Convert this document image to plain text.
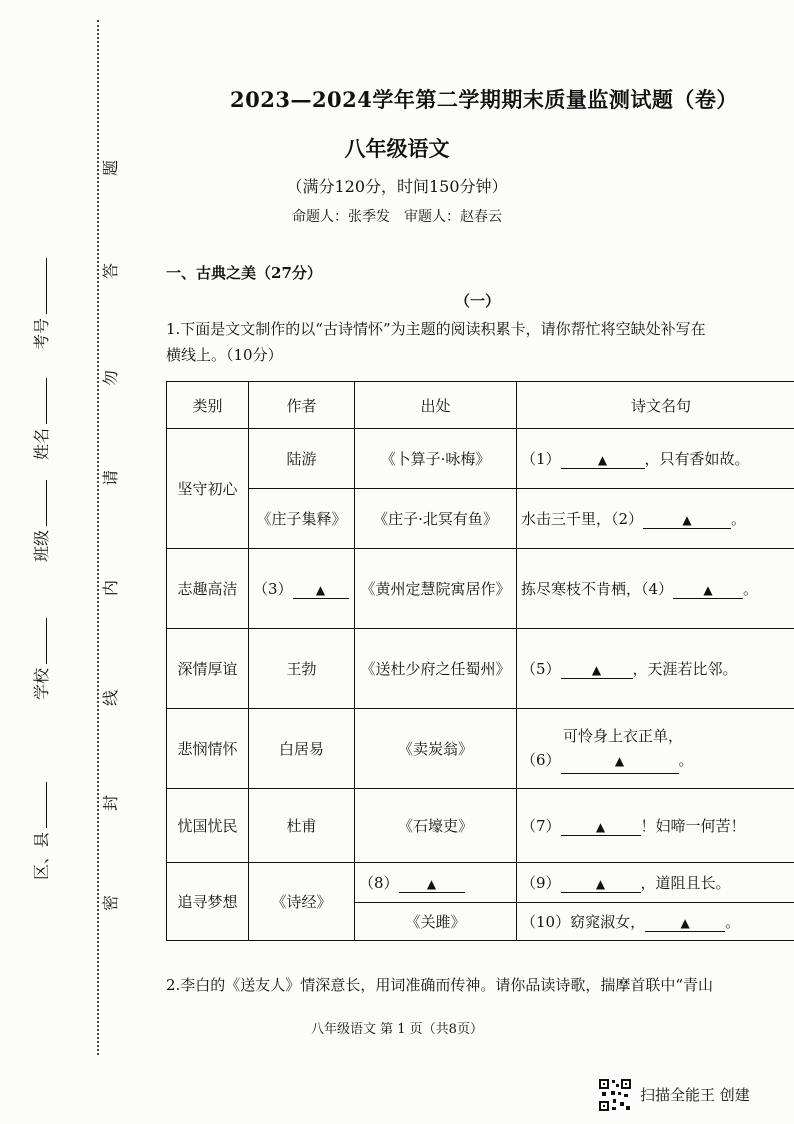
考号
姓名
班级
学校
区、县
题
答
勿
请
内
线
封
密
2023—2024学年第二学期期末质量监测试题（卷）
八年级语文
（满分120分，时间150分钟）
命题人：张季发　审题人：赵春云
一、古典之美（27分）
（一）
1.下面是文文制作的以“古诗情怀”为主题的阅读积累卡，请你帮忙将空缺处补写在
横线上。（10分）
类别	作者	出处	诗文名句
坚守初心	陆游	《卜算子·咏梅》	（1） ▲ ，只有香如故。
	《庄子集释》	《庄子·北冥有鱼》	水击三千里，（2） ▲ 。
志趣高洁	（3） ▲	《黄州定慧院寓居作》	拣尽寒枝不肯栖，（4） ▲ 。
深情厚谊	王勃	《送杜少府之任蜀州》	（5） ▲ ，天涯若比邻。
悲悯情怀	白居易	《卖炭翁》	可怜身上衣正单，
（6） ▲ 。

忧国忧民	杜甫	《石壕吏》	（7） ▲ ！妇啼一何苦！
追寻梦想	《诗经》	（8） ▲	（9） ▲ ，道阻且长。
		《关雎》	（10）窈窕淑女， ▲ 。
2.李白的《送友人》情深意长，用词准确而传神。请你品读诗歌，揣摩首联中“青山
八年级语文 第 1 页（共8页）
扫描全能王 创建
